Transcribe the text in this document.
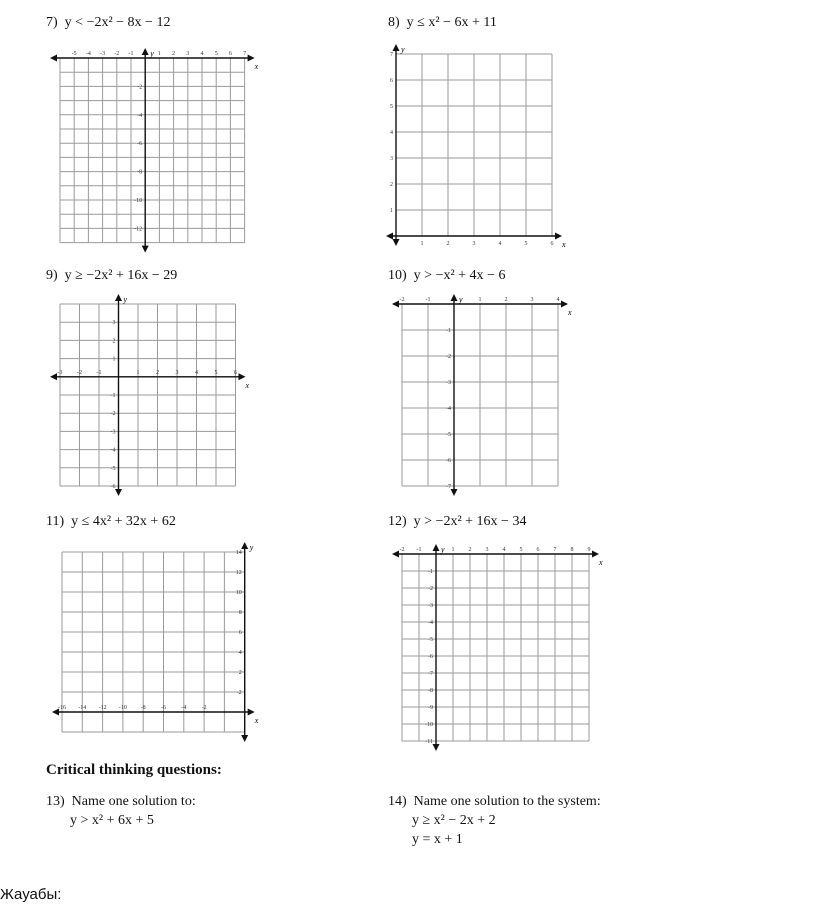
7) y < −2x² − 8x − 12	8) y ≤ x² − 6x + 11
9) y ≥ −2x² + 16x − 29	10) y > −x² + 4x − 6
11) y ≤ 4x² + 32x + 62	12) y > −2x² + 16x − 34
x
y
-5 -4 -3 -2 -1	1 2 3 4 5 6 7
-2
-4
-6
-8
-10
-12
x
y
1	2	3	4	5	6
1
2
3
4
5
6
7
x
y
-3 -2 -1	1	2	3	4	5	6
3
2
1
-1
-2
-3
-4
-5
-6
x
y
-2	-1	1	2	3	4
-1
-2
-3
-4
-5
-6
-7
x
y
-16 -14 -12 -10 -8	-6	-4	-2
14
12
10
8
6
4
2
-2
x
y
-2 -1	1 2 3 4 5 6 7 8 9
-1
-2
-3
-4
-5
-6
-7
-8
-9
-10
-11
Critical thinking questions:
13) Name one solution to:
y > x² + 6x + 5
14) Name one solution to the system:
y ≥ x² − 2x + 2
y = x + 1
Жауабы:
